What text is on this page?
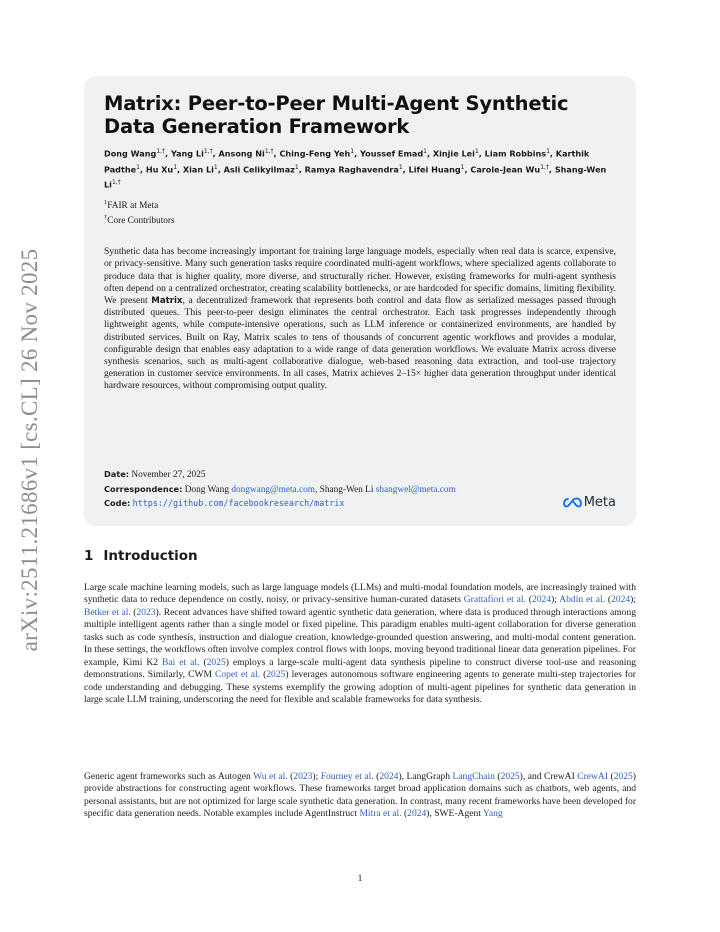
arXiv:2511.21686v1 [cs.CL] 26 Nov 2025
Matrix: Peer-to-Peer Multi-Agent Synthetic Data Generation Framework
Dong Wang$^{1,\dagger}$, Yang $Li^{1,\dagger}$, Ansong $Ni^{1,\dagger}$, Ching-Feng Yeh$^1$, Youssef Emad$^1$, Xinjie Lei$^1$, Liam Robbins$^1$, Karthik Padthe$^1$, Hu Xu$^1$, Xian Li$^1$, Asli Celikyilmaz$^1$, Ramya Raghavendra$^1$, Lifei Huang$^1$, Carole-Jean $Wu^{1,\dagger}$, Shang-Wen $Li^{1,\dagger}$
$^1$FAIR at Meta
†Core Contributors
Synthetic data has become increasingly important for training large language models, especially when real data is scarce, expensive, or privacy-sensitive. Many such generation tasks require coordinated multi-agent workflows, where specialized agents collaborate to produce data that is higher quality, more diverse, and structurally richer. However, existing frameworks for multi-agent synthesis often depend on a centralized orchestrator, creating scalability bottlenecks, or are hardcoded for specific domains, limiting flexibility. We present Matrix, a decentralized framework that represents both control and data flow as serialized messages passed through distributed queues. This peer-to-peer design eliminates the central orchestrator. Each task progresses independently through lightweight agents, while compute-intensive operations, such as LLM inference or containerized environments, are handled by distributed services. Built on Ray, Matrix scales to tens of thousands of concurrent agentic workflows and provides a modular, configurable design that enables easy adaptation to a wide range of data generation workflows. We evaluate Matrix across diverse synthesis scenarios, such as multi-agent collaborative dialogue, web-based reasoning data extraction, and tool-use trajectory generation in customer service environments. In all cases, Matrix achieves 2–15× higher data generation throughput under identical hardware resources, without compromising output quality.
Date: November 27, 2025
Correspondence: Dong Wang dongwang@meta.com, Shang-Wen Li shangwel@meta.com
Code: https://github.com/facebookresearch/matrix	Meta
1 Introduction
Large scale machine learning models, such as large language models (LLMs) and multi-modal foundation models, are increasingly trained with synthetic data to reduce dependence on costly, noisy, or privacy-sensitive human-curated datasets Grattafiori et al. (2024); Abdin et al. (2024); Betker et al. (2023). Recent advances have shifted toward agentic synthetic data generation, where data is produced through interactions among multiple intelligent agents rather than a single model or fixed pipeline. This paradigm enables multi-agent collaboration for diverse generation tasks such as code synthesis, instruction and dialogue creation, knowledge-grounded question answering, and multi-modal content generation. In these settings, the workflows often involve complex control flows with loops, moving beyond traditional linear data generation pipelines. For example, Kimi K2 Bai et al. (2025) employs a large-scale multi-agent data synthesis pipeline to construct diverse tool-use and reasoning demonstrations. Similarly, CWM Copet et al. (2025) leverages autonomous software engineering agents to generate multi-step trajectories for code understanding and debugging. These systems exemplify the growing adoption of multi-agent pipelines for synthetic data generation in large scale LLM training, underscoring the need for flexible and scalable frameworks for data synthesis.
Generic agent frameworks such as Autogen Wu et al. (2023); Fourney et al. (2024), LangGraph LangChain (2025), and CrewAI CrewAI (2025) provide abstractions for constructing agent workflows. These frameworks target broad application domains such as chatbots, web agents, and personal assistants, but are not optimized for large scale synthetic data generation. In contrast, many recent frameworks have been developed for specific data generation needs. Notable examples include AgentInstruct Mitra et al. (2024), SWE-Agent Yang
1
